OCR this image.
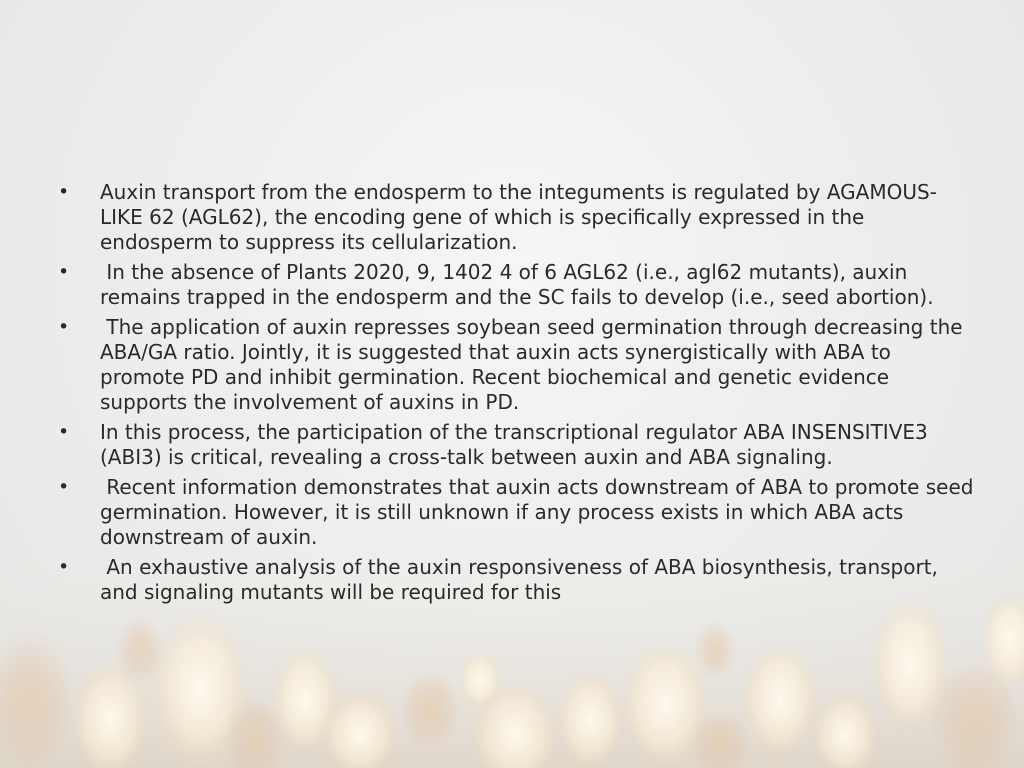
•	Auxin transport from the endosperm to the integuments is regulated by AGAMOUS-LIKE 62 (AGL62), the encoding gene of which is specifically expressed in the endosperm to suppress its cellularization.
•	In the absence of Plants 2020, 9, 1402 4 of 6 AGL62 (i.e., agl62 mutants), auxin remains trapped in the endosperm and the SC fails to develop (i.e., seed abortion).
•	The application of auxin represses soybean seed germination through decreasing the ABA/GA ratio. Jointly, it is suggested that auxin acts synergistically with ABA to promote PD and inhibit germination. Recent biochemical and genetic evidence supports the involvement of auxins in PD.
•	In this process, the participation of the transcriptional regulator ABA INSENSITIVE3 (ABI3) is critical, revealing a cross-talk between auxin and ABA signaling.
•	Recent information demonstrates that auxin acts downstream of ABA to promote seed germination. However, it is still unknown if any process exists in which ABA acts downstream of auxin.
•	An exhaustive analysis of the auxin responsiveness of ABA biosynthesis, transport, and signaling mutants will be required for this
